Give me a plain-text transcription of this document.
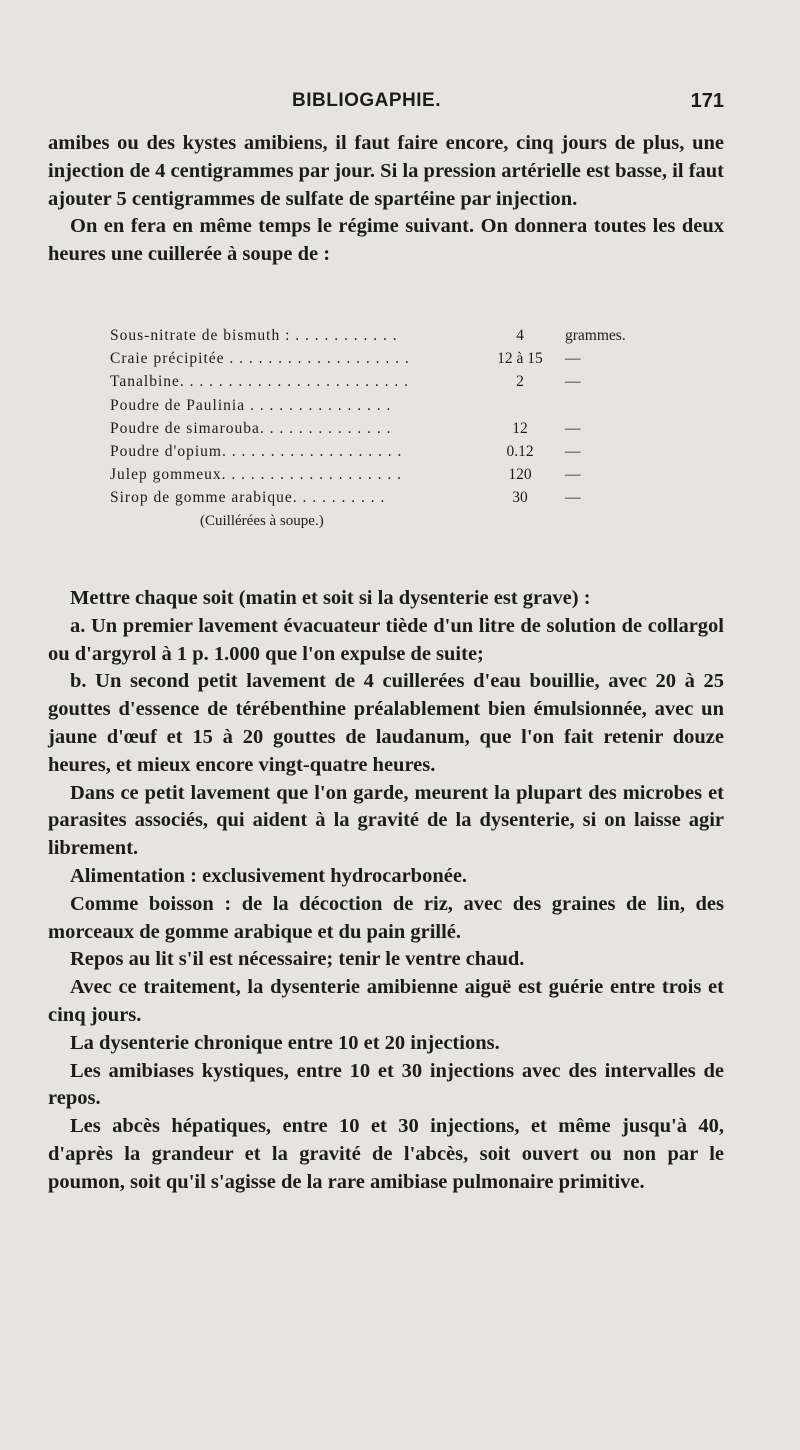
BIBLIOGAPHIE.	171

amibes ou des kystes amibiens, il faut faire encore, cinq jours de plus, une injection de 4 centigrammes par jour. Si la pression artérielle est basse, il faut ajouter 5 centigrammes de sulfate de spartéine par injection.

On en fera en même temps le régime suivant. On donnera toutes les deux heures une cuillerée à soupe de :

Sous-nitrate de bismuth : . . . . . . . . . . .	4	grammes.
Craie précipitée . . . . . . . . . . . . . . . . . . .	12 à 15	—
Tanalbine. . . . . . . . . . . . . . . . . . . . . . . .	2	—
Poudre de Paulinia . . . . . . . . . . . . . . .
Poudre de simarouba. . . . . . . . . . . . . .	12	—
Poudre d'opium. . . . . . . . . . . . . . . . . . .	0.12	—
Julep gommeux. . . . . . . . . . . . . . . . . . .	120	—
Sirop de gomme arabique. . . . . . . . . .	30	—
(Cuillérées à soupe.)

Mettre chaque soit (matin et soit si la dysenterie est grave) :

a. Un premier lavement évacuateur tiède d'un litre de solution de collargol ou d'argyrol à 1 p. 1.000 que l'on expulse de suite;

b. Un second petit lavement de 4 cuillerées d'eau bouillie, avec 20 à 25 gouttes d'essence de térébenthine préalablement bien émulsionnée, avec un jaune d'œuf et 15 à 20 gouttes de laudanum, que l'on fait retenir douze heures, et mieux encore vingt-quatre heures.

Dans ce petit lavement que l'on garde, meurent la plupart des microbes et parasites associés, qui aident à la gravité de la dysenterie, si on laisse agir librement.

Alimentation : exclusivement hydrocarbonée.

Comme boisson : de la décoction de riz, avec des graines de lin, des morceaux de gomme arabique et du pain grillé.

Repos au lit s'il est nécessaire; tenir le ventre chaud.

Avec ce traitement, la dysenterie amibienne aiguë est guérie entre trois et cinq jours.

La dysenterie chronique entre 10 et 20 injections.

Les amibiases kystiques, entre 10 et 30 injections avec des intervalles de repos.

Les abcès hépatiques, entre 10 et 30 injections, et même jusqu'à 40, d'après la grandeur et la gravité de l'abcès, soit ouvert ou non par le poumon, soit qu'il s'agisse de la rare amibiase pulmonaire primitive.
